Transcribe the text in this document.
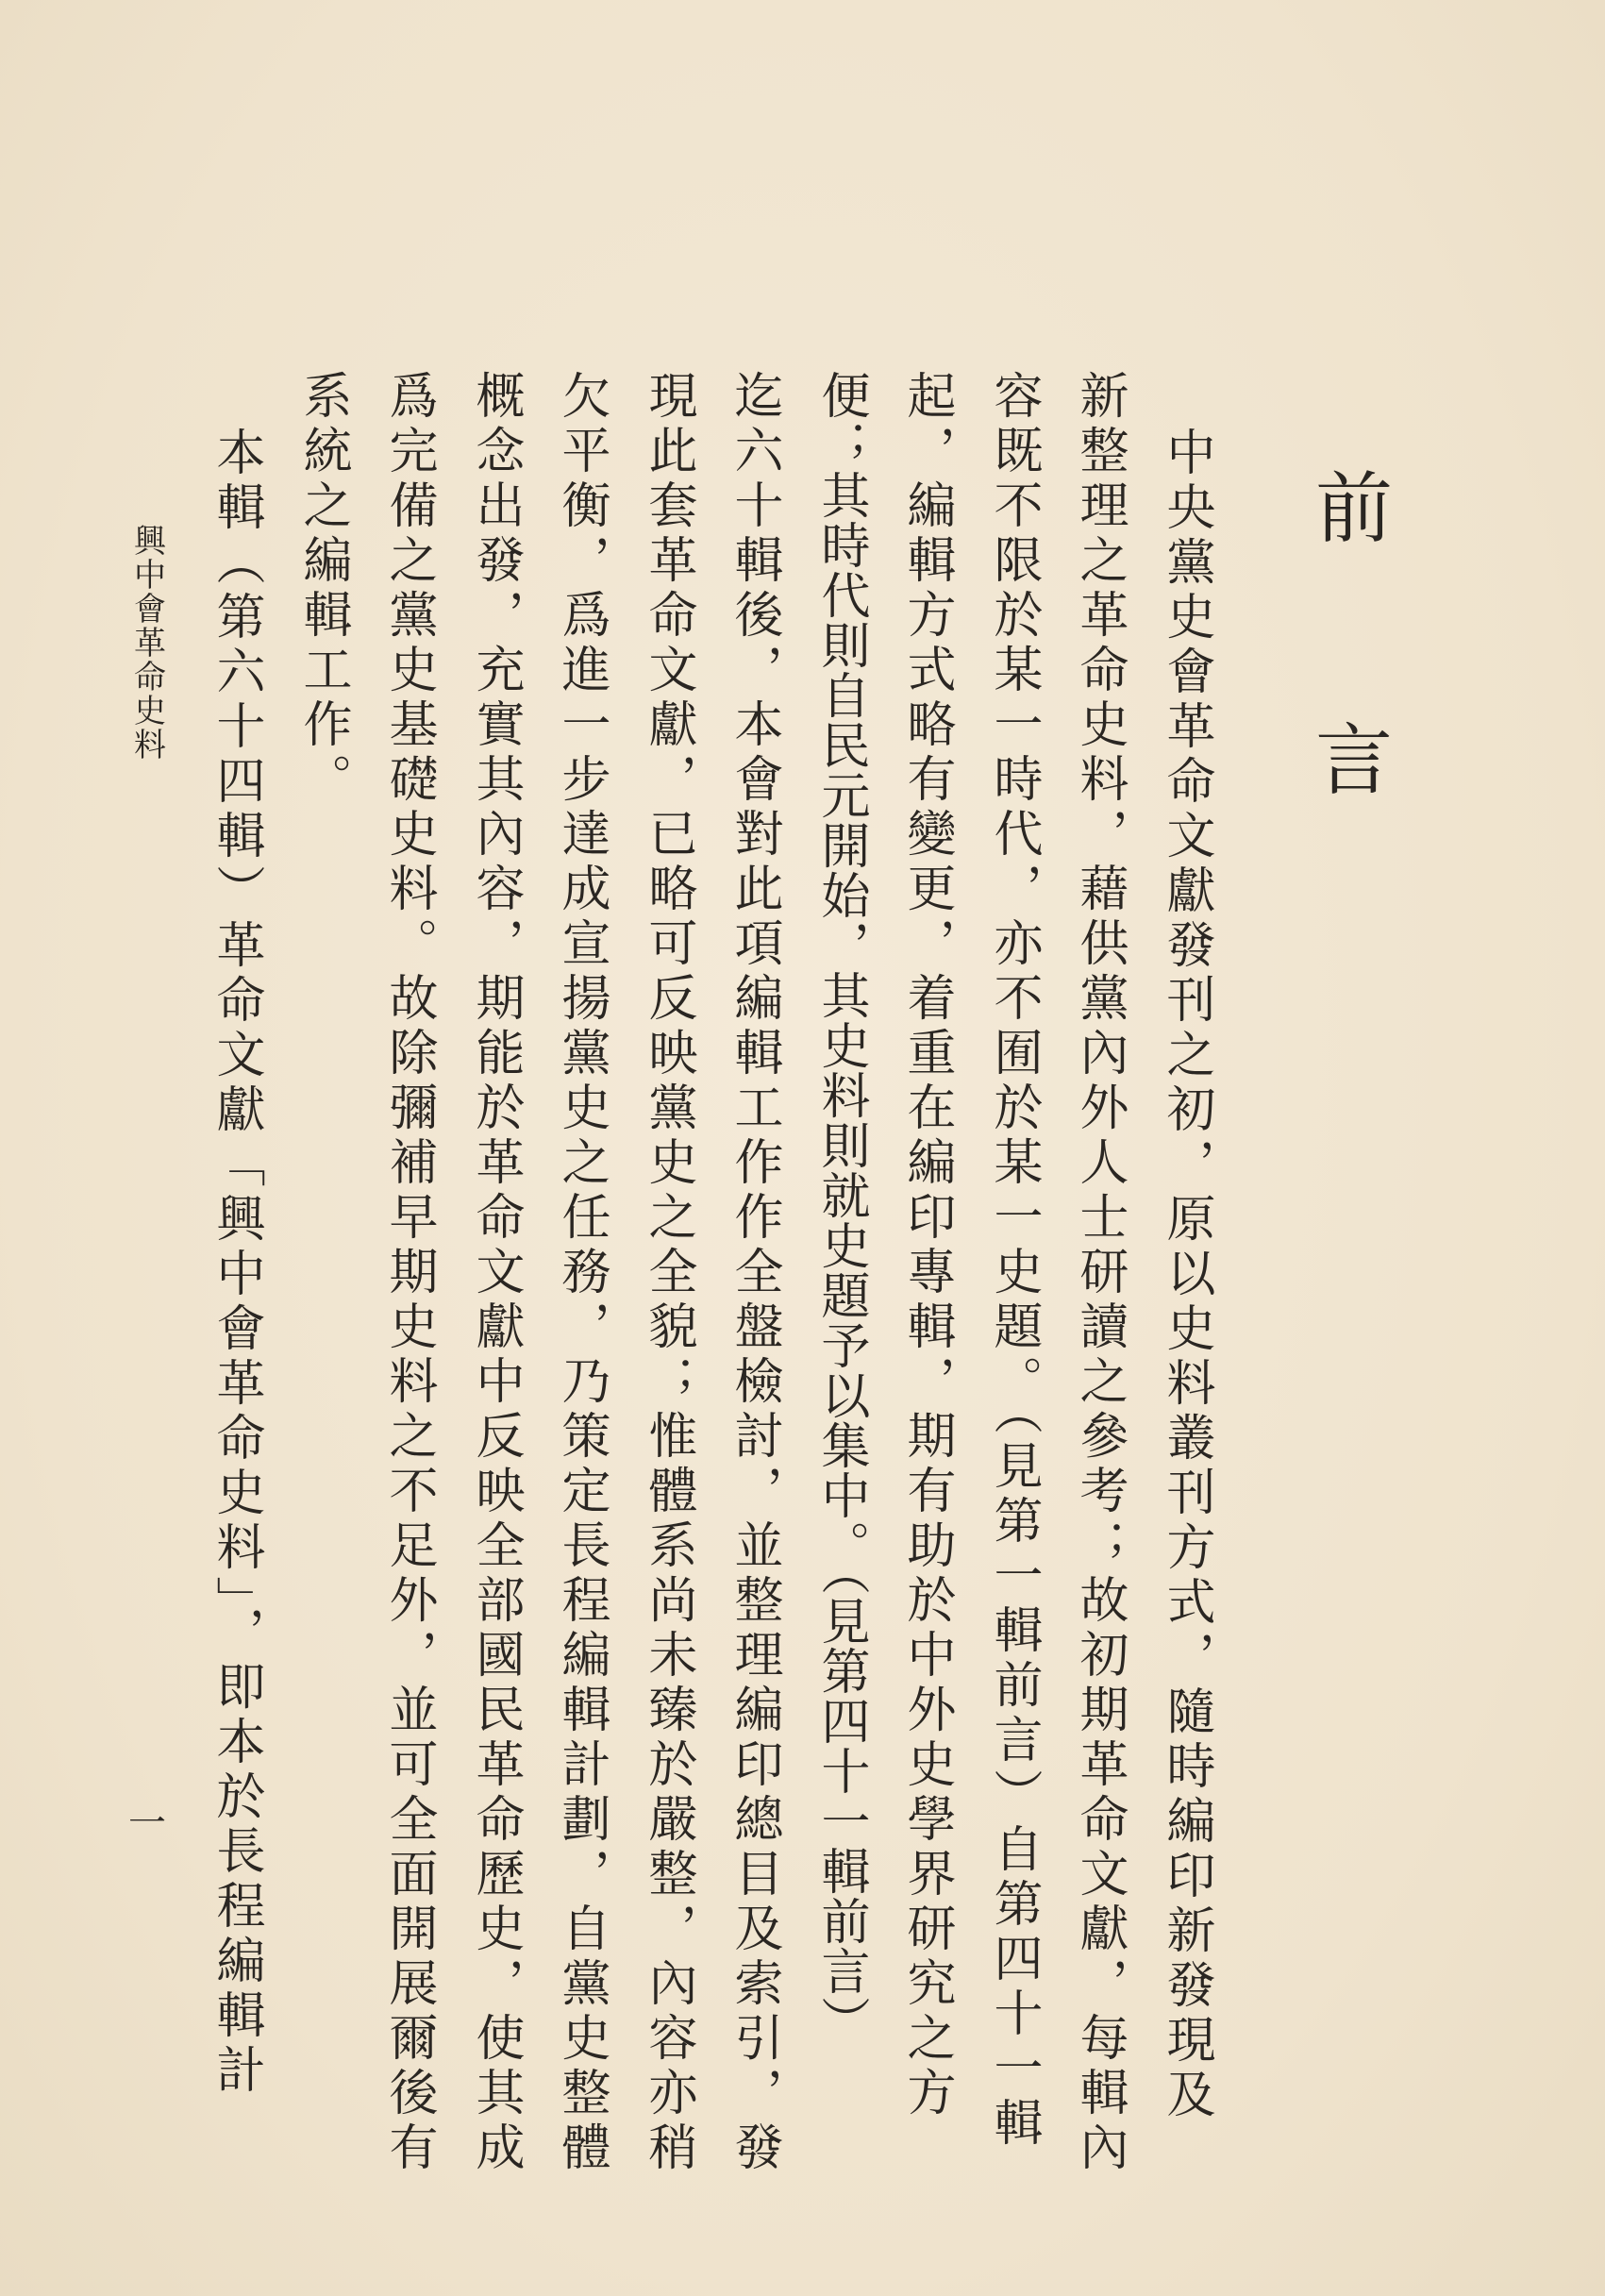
前言
中央黨史會革命文獻發刊之初，原以史料叢刊方式，隨時編印新發現及
新整理之革命史料，藉供黨內外人士研讀之參考；故初期革命文獻，每輯內
容既不限於某一時代，亦不囿於某一史題。（見第一輯前言）自第四十一輯
起，編輯方式略有變更，着重在編印專輯，期有助於中外史學界研究之方
便；其時代則自民元開始，其史料則就史題予以集中。（見第四十一輯前言）
迄六十輯後，本會對此項編輯工作作全盤檢討，並整理編印總目及索引，發
現此套革命文獻，已略可反映黨史之全貌；惟體系尚未臻於嚴整，內容亦稍
欠平衡，爲進一步達成宣揚黨史之任務，乃策定長程編輯計劃，自黨史整體
概念出發，充實其內容，期能於革命文獻中反映全部國民革命歷史，使其成
爲完備之黨史基礎史料。故除彌補早期史料之不足外，並可全面開展爾後有
系統之編輯工作。
本輯（第六十四輯）革命文獻「興中會革命史料」，即本於長程編輯計
興中會革命史料
一
